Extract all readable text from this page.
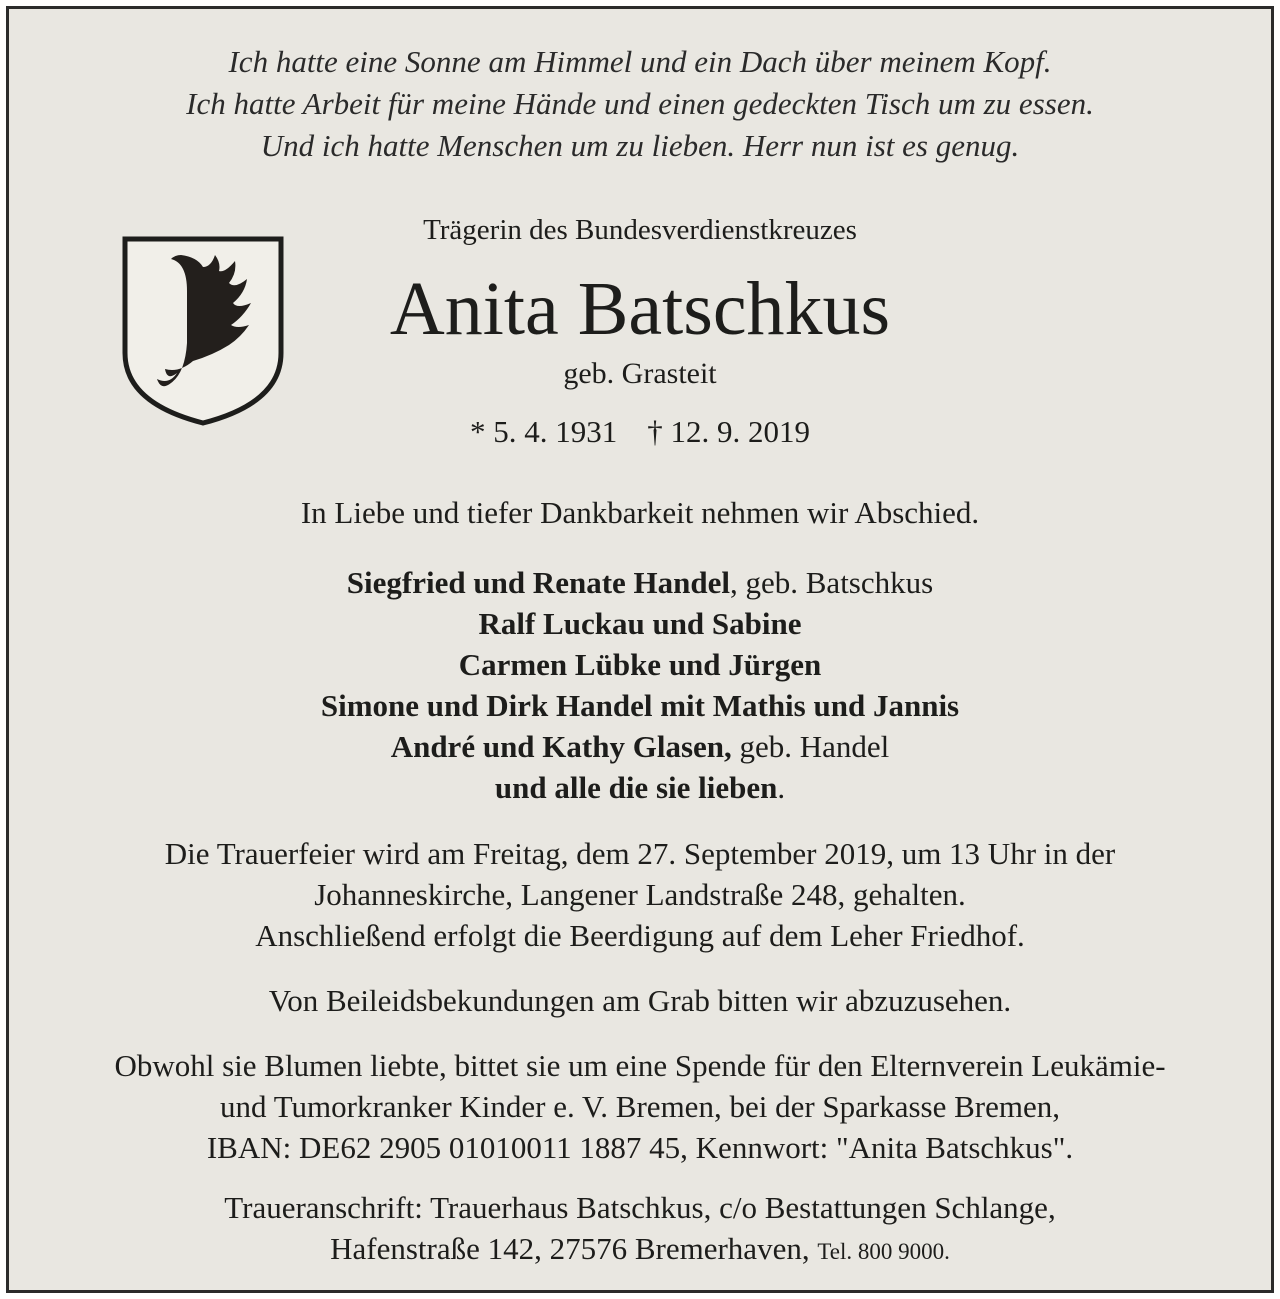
Ich hatte eine Sonne am Himmel und ein Dach über meinem Kopf.

Ich hatte Arbeit für meine Hände und einen gedeckten Tisch um zu essen.

Und ich hatte Menschen um zu lieben. Herr nun ist es genug.

Trägerin des Bundesverdienstkreuzes

Anita Batschkus

geb. Grasteit

* 5. 4. 1931 † 12. 9. 2019

In Liebe und tiefer Dankbarkeit nehmen wir Abschied.

Siegfried und Renate Handel, geb. Batschkus

Ralf Luckau und Sabine

Carmen Lübke und Jürgen

Simone und Dirk Handel mit Mathis und Jannis

André und Kathy Glasen, geb. Handel

und alle die sie lieben.

Die Trauerfeier wird am Freitag, dem 27. September 2019, um 13 Uhr in der

Johanneskirche, Langener Landstraße 248, gehalten.

Anschließend erfolgt die Beerdigung auf dem Leher Friedhof.

Von Beileidsbekundungen am Grab bitten wir abzuzusehen.

Obwohl sie Blumen liebte, bittet sie um eine Spende für den Elternverein Leukämie-

und Tumorkranker Kinder e. V. Bremen, bei der Sparkasse Bremen,

IBAN: DE62 2905 01010011 1887 45, Kennwort: "Anita Batschkus".

Traueranschrift: Trauerhaus Batschkus, c/o Bestattungen Schlange,

Hafenstraße 142, 27576 Bremerhaven, Tel. 800 9000.
